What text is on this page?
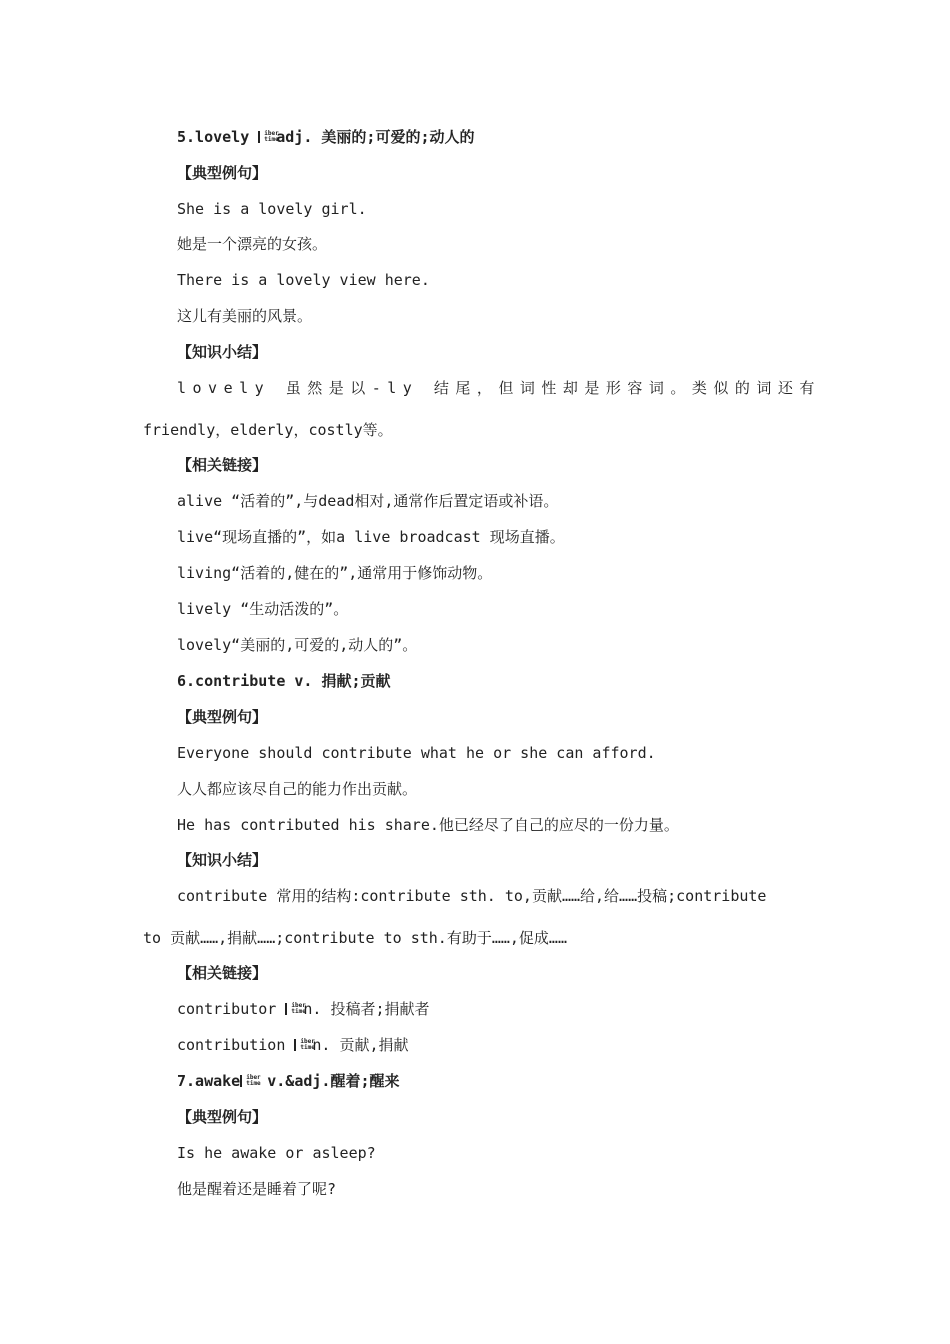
5.lovely iber
time
adj. 美丽的;可爱的;动人的
【典型例句】
She is a lovely girl.
她是一个漂亮的女孩。
There is a lovely view here.
这儿有美丽的风景。
【知识小结】
lovely 虽然是以-ly 结尾，但词性却是形容词。类似的词还有
friendly，elderly，costly等。
【相关链接】
alive “活着的”,与dead相对,通常作后置定语或补语。
live“现场直播的”，如a live broadcast 现场直播。
living“活着的,健在的”,通常用于修饰动物。
lively “生动活泼的”。
lovely“美丽的,可爱的,动人的”。
6.contribute v. 捐献;贡献
【典型例句】
Everyone should contribute what he or she can afford.
人人都应该尽自己的能力作出贡献。
He has contributed his share.他已经尽了自己的应尽的一份力量。
【知识小结】
contribute 常用的结构:contribute sth. to,贡献……给,给……投稿;contribute
to 贡献……,捐献……;contribute to sth.有助于……,促成……
【相关链接】
contributor iber
time
n. 投稿者;捐献者
contribution iber
time
n. 贡献,捐献
7.awake iber
time
v.&adj.醒着;醒来
【典型例句】
Is he awake or asleep?
他是醒着还是睡着了呢?
